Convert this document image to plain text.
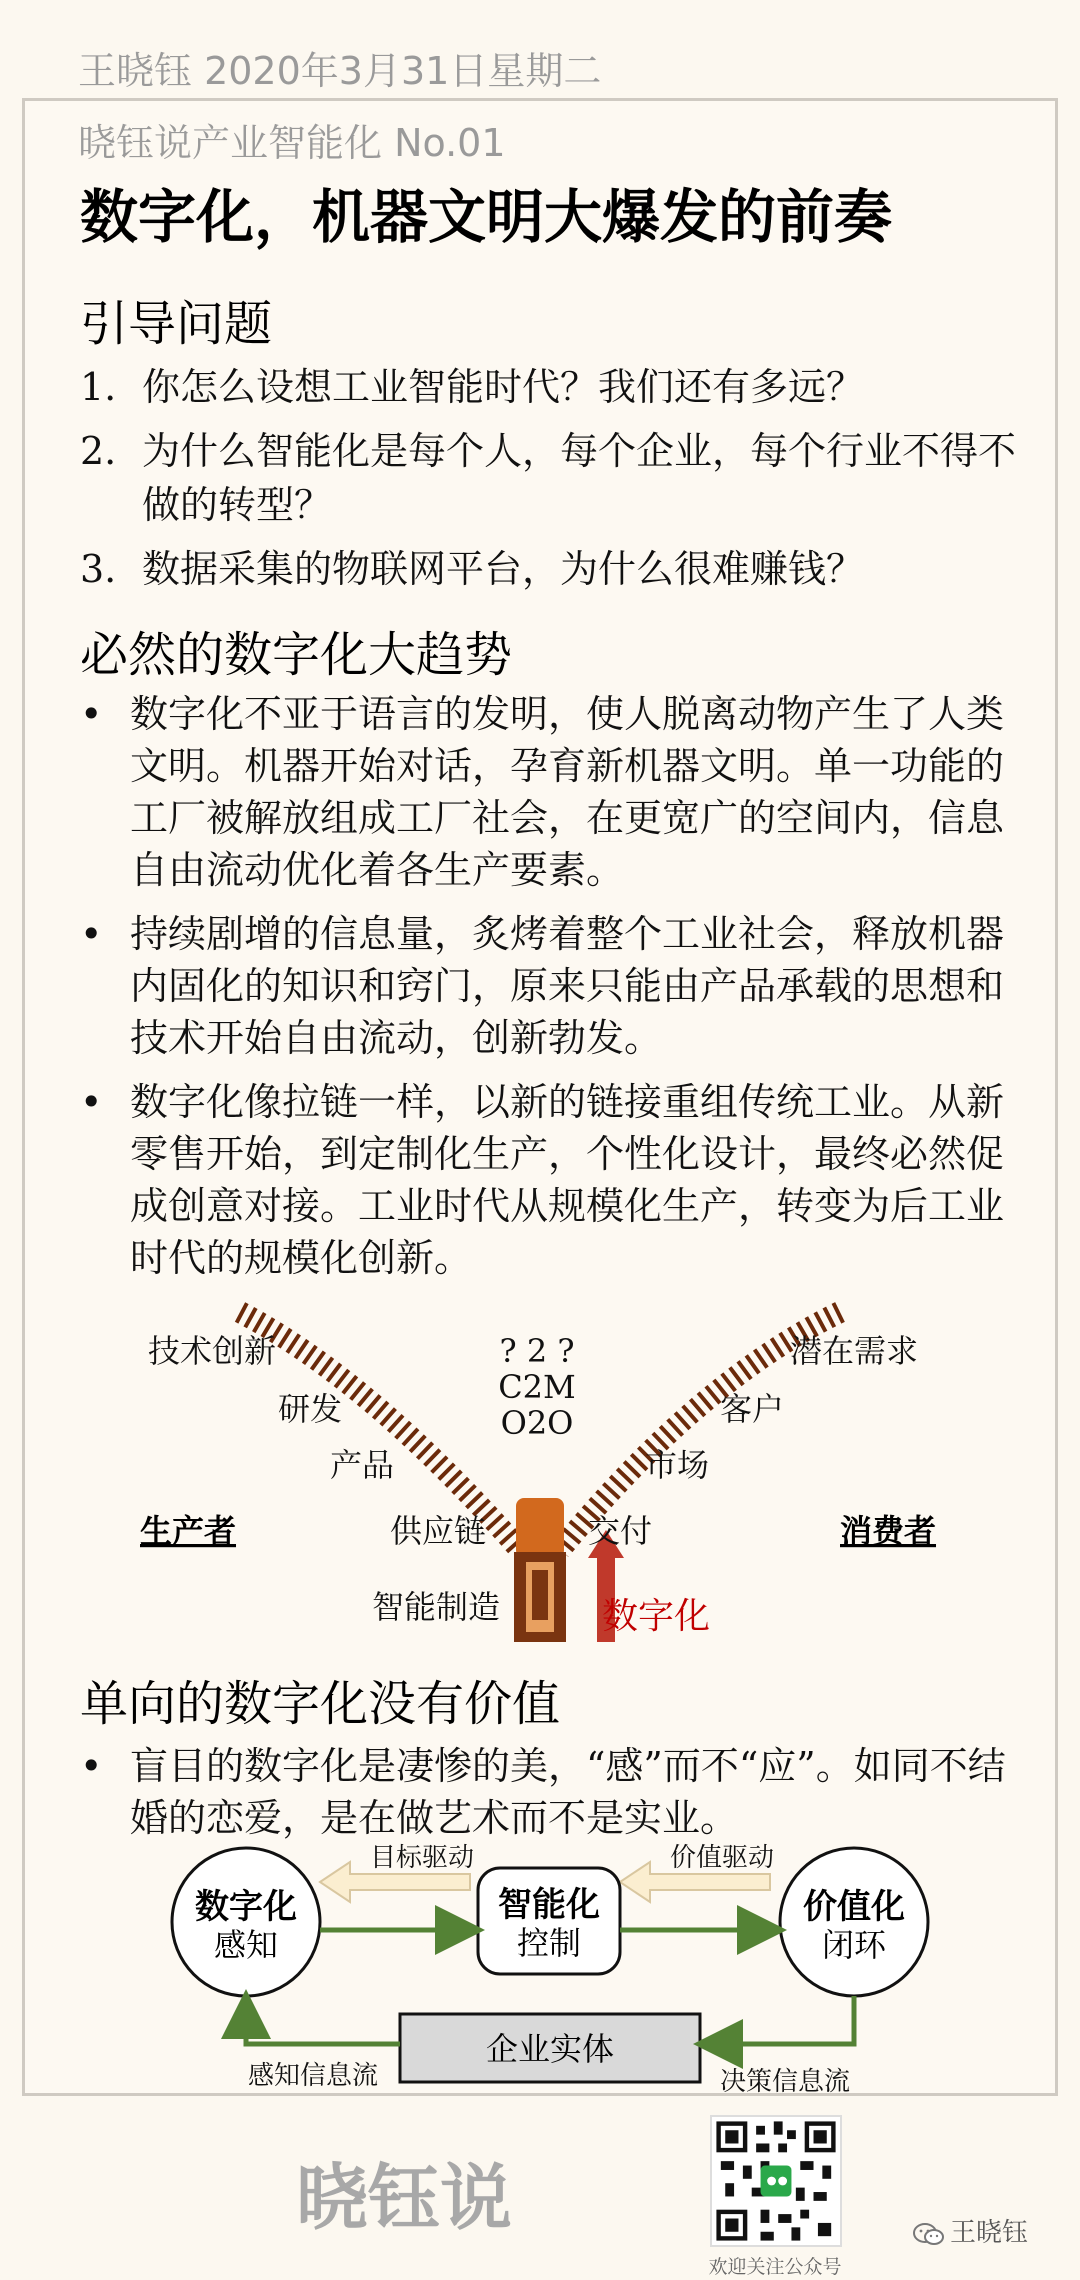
王晓钰 2020年3月31日星期二
晓钰说产业智能化 No.01
数字化，机器文明大爆发的前奏
引导问题
1. 你怎么设想工业智能时代？我们还有多远？
2. 为什么智能化是每个人，每个企业，每个行业不得不做的转型？
3. 数据采集的物联网平台，为什么很难赚钱？
必然的数字化大趋势
• 数字化不亚于语言的发明，使人脱离动物产生了人类文明。机器开始对话，孕育新机器文明。单一功能的工厂被解放组成工厂社会，在更宽广的空间内，信息自由流动优化着各生产要素。
• 持续剧增的信息量，炙烤着整个工业社会，释放机器内固化的知识和窍门，原来只能由产品承载的思想和技术开始自由流动，创新勃发。
• 数字化像拉链一样，以新的链接重组传统工业。从新零售开始，到定制化生产，个性化设计，最终必然促成创意对接。工业时代从规模化生产，转变为后工业时代的规模化创新。
技术创新
研发
产品
供应链
潜在需求
客户
市场
交付
? 2 ?
C2M
O2O
生产者	消费者
智能制造	数字化
单向的数字化没有价值
• 盲目的数字化是凄惨的美，“感”而不“应”。如同不结婚的恋爱，是在做艺术而不是实业。
目标驱动	价值驱动
数字化
感知
智能化
控制
价值化
闭环
企业实体
感知信息流	决策信息流
晓钰说
欢迎关注公众号
王晓钰
